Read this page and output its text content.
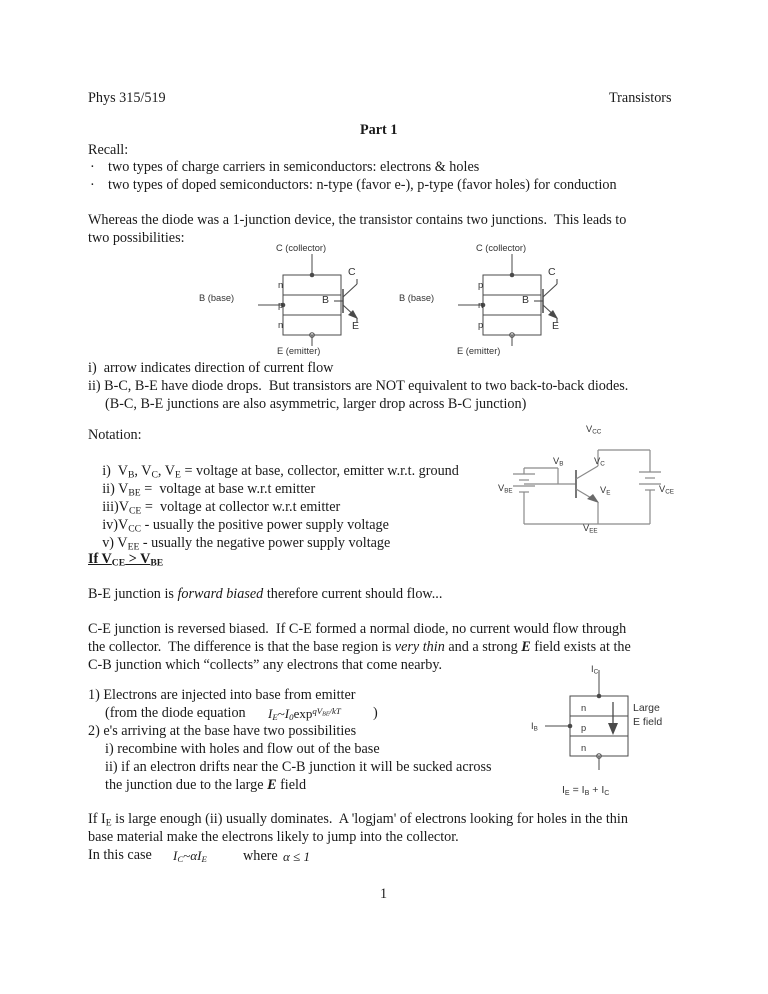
Phys 315/519	Transistors
Part 1
Recall:
· two types of charge carriers in semiconductors: electrons & holes
· two types of doped semiconductors: n-type (favor e-), p-type (favor holes) for conduction
Whereas the diode was a 1-junction device, the transistor contains two junctions.  This leads to
two possibilities:
C (collector)
B (base)
E (emitter)
n
p
n
C
B
E
C (collector)
B (base)
E (emitter)
p
n
p
C
B
E
i)  arrow indicates direction of current flow
ii) B-C, B-E have diode drops.  But transistors are NOT equivalent to two back-to-back diodes.
(B-C, B-E junctions are also asymmetric, larger drop across B-C junction)
Notation:

i)  $V_B$, $V_C$, $V_E$ = voltage at base, collector, emitter w.r.t. ground

ii) $V_{BE}$ =  voltage at base w.r.t emitter

$iii)V_{CE}$ =  voltage at collector w.r.t emitter

$iv)V_{CC}$ - usually the positive power supply voltage

v) $V_{EE}$ - usually the negative power supply voltage

$V_{CC}$
$V_B$	$V_C$
$V_E$
$V_{BE}$	$V_{CE}$
$V_{EE}$
If $V_{CE} > V_{BE}$
B-E junction is forward biased therefore current should flow...
C-E junction is reversed biased.  If C-E formed a normal diode, no current would flow through
the collector.  The difference is that the base region is very thin and a strong E field exists at the
C-B junction which “collects” any electrons that come nearby.
1) Electrons are injected into base from emitter
(from the diode equation $I_E\sim I_0\exp^{qV_{BE}/kT}$ )
2) e's arriving at the base have two possibilities
i) recombine with holes and flow out of the base
ii) if an electron drifts near the C-B junction it will be sucked across
the junction due to the large E field
$I_C$
$I_B$
n
p
n
Large
E field
$I_E = I_B + I_C$
If $I_E$ is large enough (ii) usually dominates.  A 'logjam' of electrons looking for holes in the thin
base material make the electrons likely to jump into the collector.
In this case $I_C\sim\alpha I_E$	where α ≤ 1
1
